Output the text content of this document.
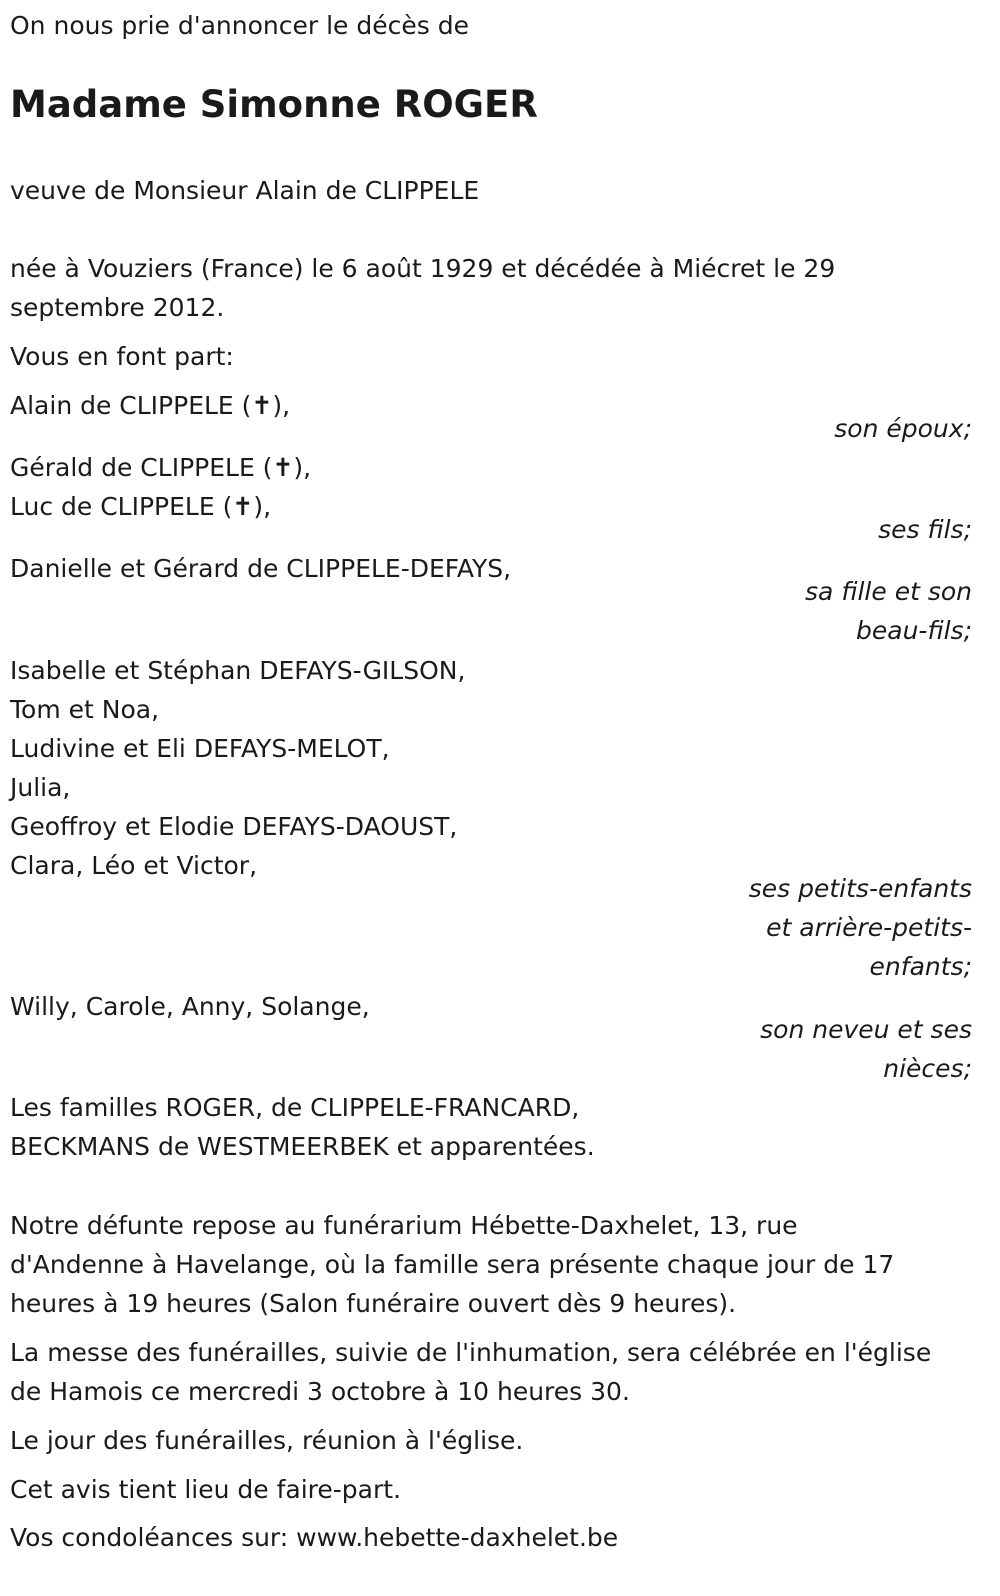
On nous prie d'annoncer le décès de
Madame Simonne ROGER
veuve de Monsieur Alain de CLIPPELE
née à Vouziers (France) le 6 août 1929 et décédée à Miécret le 29
septembre 2012.
Vous en font part:
Alain de CLIPPELE (✝),
son époux;
Gérald de CLIPPELE (✝),
Luc de CLIPPELE (✝),
ses fils;
Danielle et Gérard de CLIPPELE-DEFAYS,
sa fille et son
beau-fils;
Isabelle et Stéphan DEFAYS-GILSON,
Tom et Noa,
Ludivine et Eli DEFAYS-MELOT,
Julia,
Geoffroy et Elodie DEFAYS-DAOUST,
Clara, Léo et Victor,
ses petits-enfants
et arrière-petits-
enfants;
Willy, Carole, Anny, Solange,
son neveu et ses
nièces;
Les familles ROGER, de CLIPPELE-FRANCARD,
BECKMANS de WESTMEERBEK et apparentées.
Notre défunte repose au funérarium Hébette-Daxhelet, 13, rue
d'Andenne à Havelange, où la famille sera présente chaque jour de 17
heures à 19 heures (Salon funéraire ouvert dès 9 heures).
La messe des funérailles, suivie de l'inhumation, sera célébrée en l'église
de Hamois ce mercredi 3 octobre à 10 heures 30.
Le jour des funérailles, réunion à l'église.
Cet avis tient lieu de faire-part.
Vos condoléances sur: www.hebette-daxhelet.be
